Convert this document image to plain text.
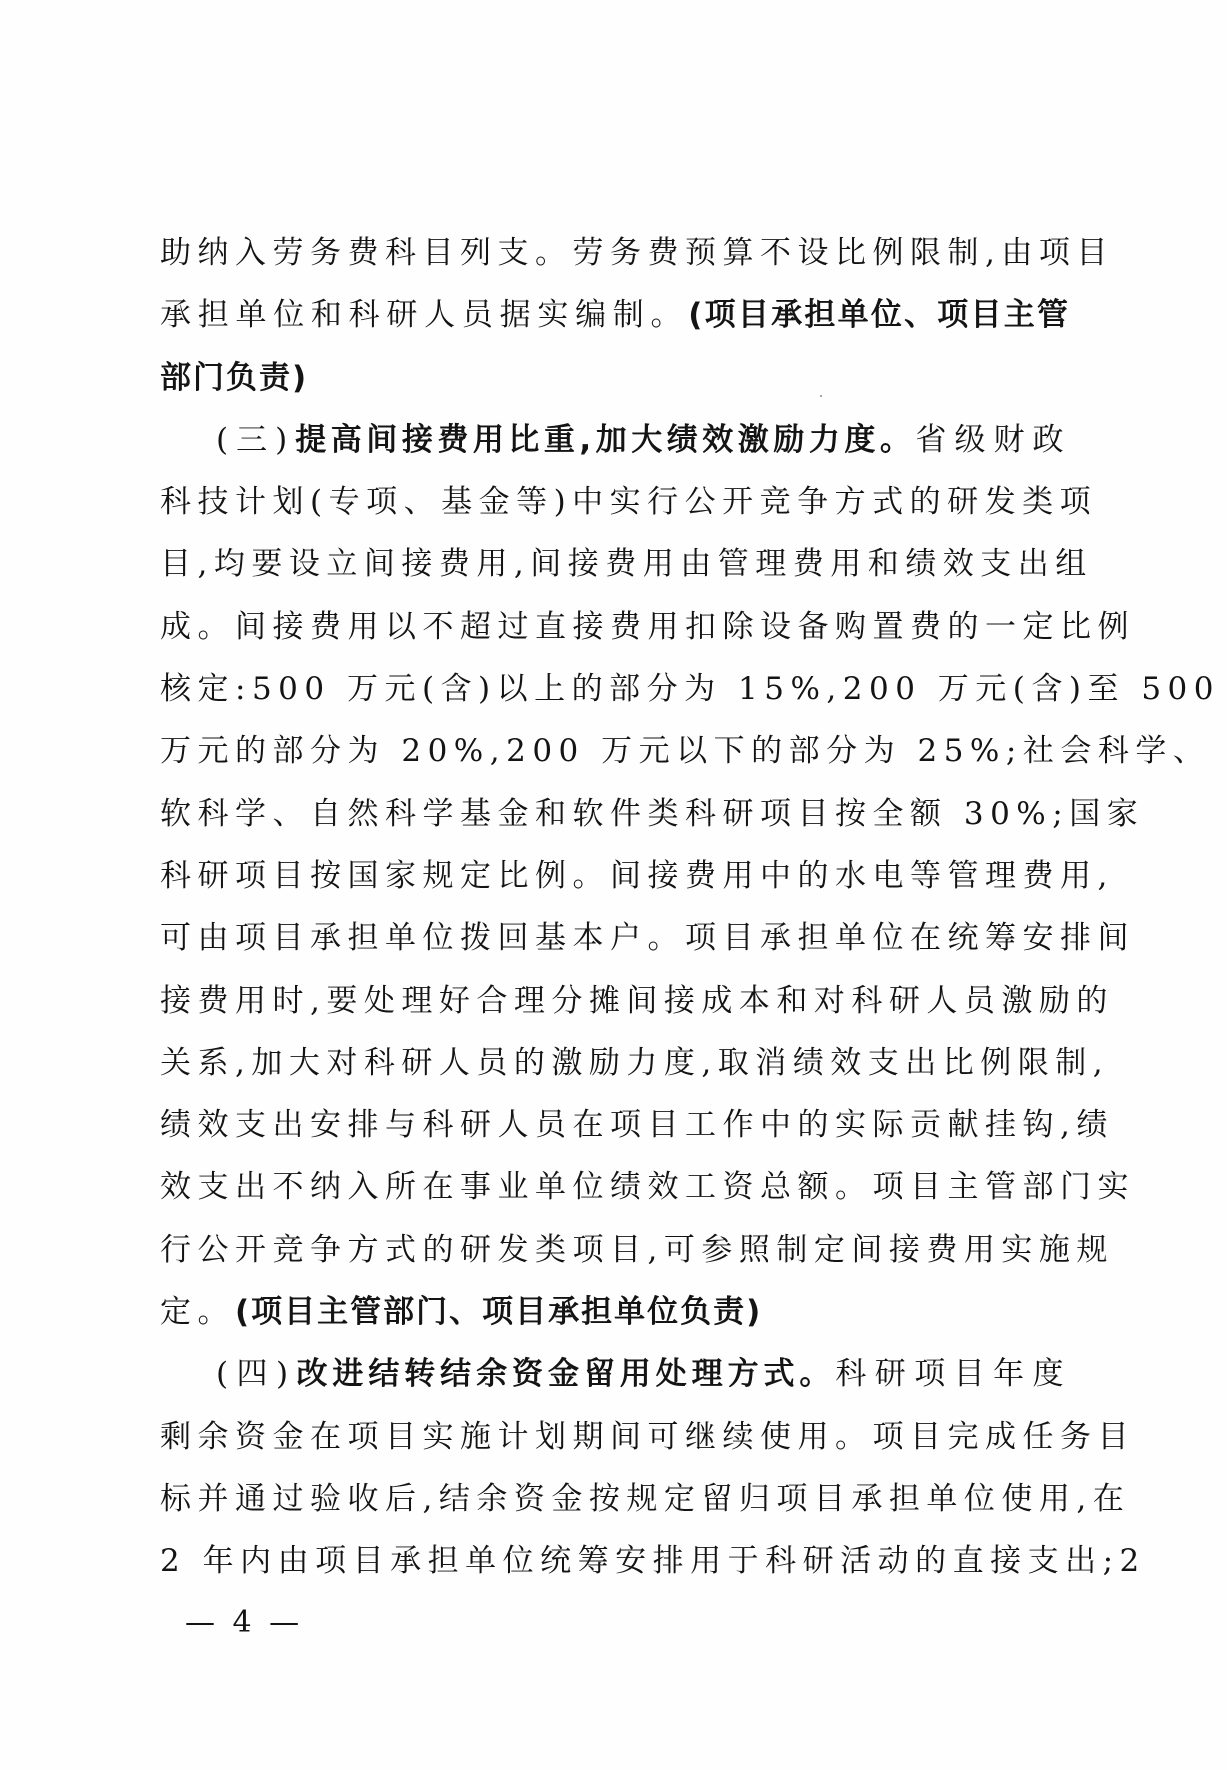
助纳入劳务费科目列支。劳务费预算不设比例限制,由项目
承担单位和科研人员据实编制。(项目承担单位、项目主管
部门负责)
(三)提高间接费用比重,加大绩效激励力度。省级财政
科技计划(专项、基金等)中实行公开竞争方式的研发类项
目,均要设立间接费用,间接费用由管理费用和绩效支出组
成。间接费用以不超过直接费用扣除设备购置费的一定比例
核定:500 万元(含)以上的部分为 15%,200 万元(含)至 500
万元的部分为 20%,200 万元以下的部分为 25%;社会科学、
软科学、自然科学基金和软件类科研项目按全额 30%;国家
科研项目按国家规定比例。间接费用中的水电等管理费用,
可由项目承担单位拨回基本户。项目承担单位在统筹安排间
接费用时,要处理好合理分摊间接成本和对科研人员激励的
关系,加大对科研人员的激励力度,取消绩效支出比例限制,
绩效支出安排与科研人员在项目工作中的实际贡献挂钩,绩
效支出不纳入所在事业单位绩效工资总额。项目主管部门实
行公开竞争方式的研发类项目,可参照制定间接费用实施规
定。(项目主管部门、项目承担单位负责)
(四)改进结转结余资金留用处理方式。科研项目年度
剩余资金在项目实施计划期间可继续使用。项目完成任务目
标并通过验收后,结余资金按规定留归项目承担单位使用,在
2 年内由项目承担单位统筹安排用于科研活动的直接支出;2
— 4 —
